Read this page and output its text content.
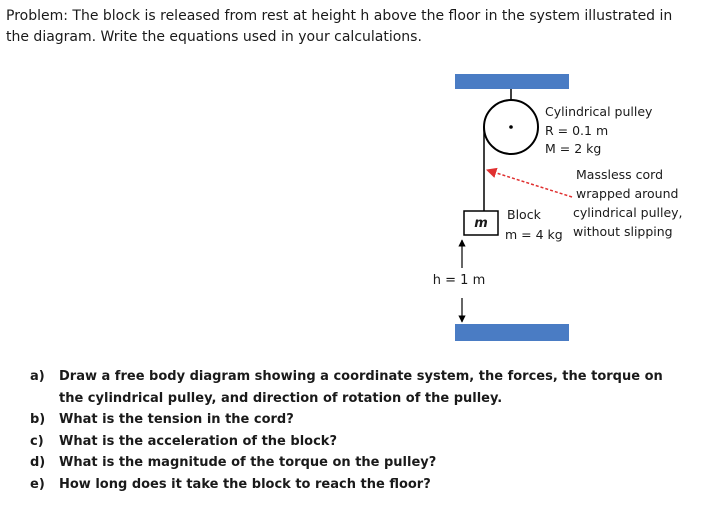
Problem: The block is released from rest at height h above the floor in the system illustrated in the diagram. Write the equations used in your calculations.
m
h = 1 m
Cylindrical pulley
R = 0.1 m
M = 2 kg
Massless cord
wrapped around
cylindrical pulley,
without slipping
Block
m = 4 kg
a) Draw a free body diagram showing a coordinate system, the forces, the torque on the cylindrical pulley, and direction of rotation of the pulley.
b) What is the tension in the cord?
c) What is the acceleration of the block?
d) What is the magnitude of the torque on the pulley?
e) How long does it take the block to reach the floor?
